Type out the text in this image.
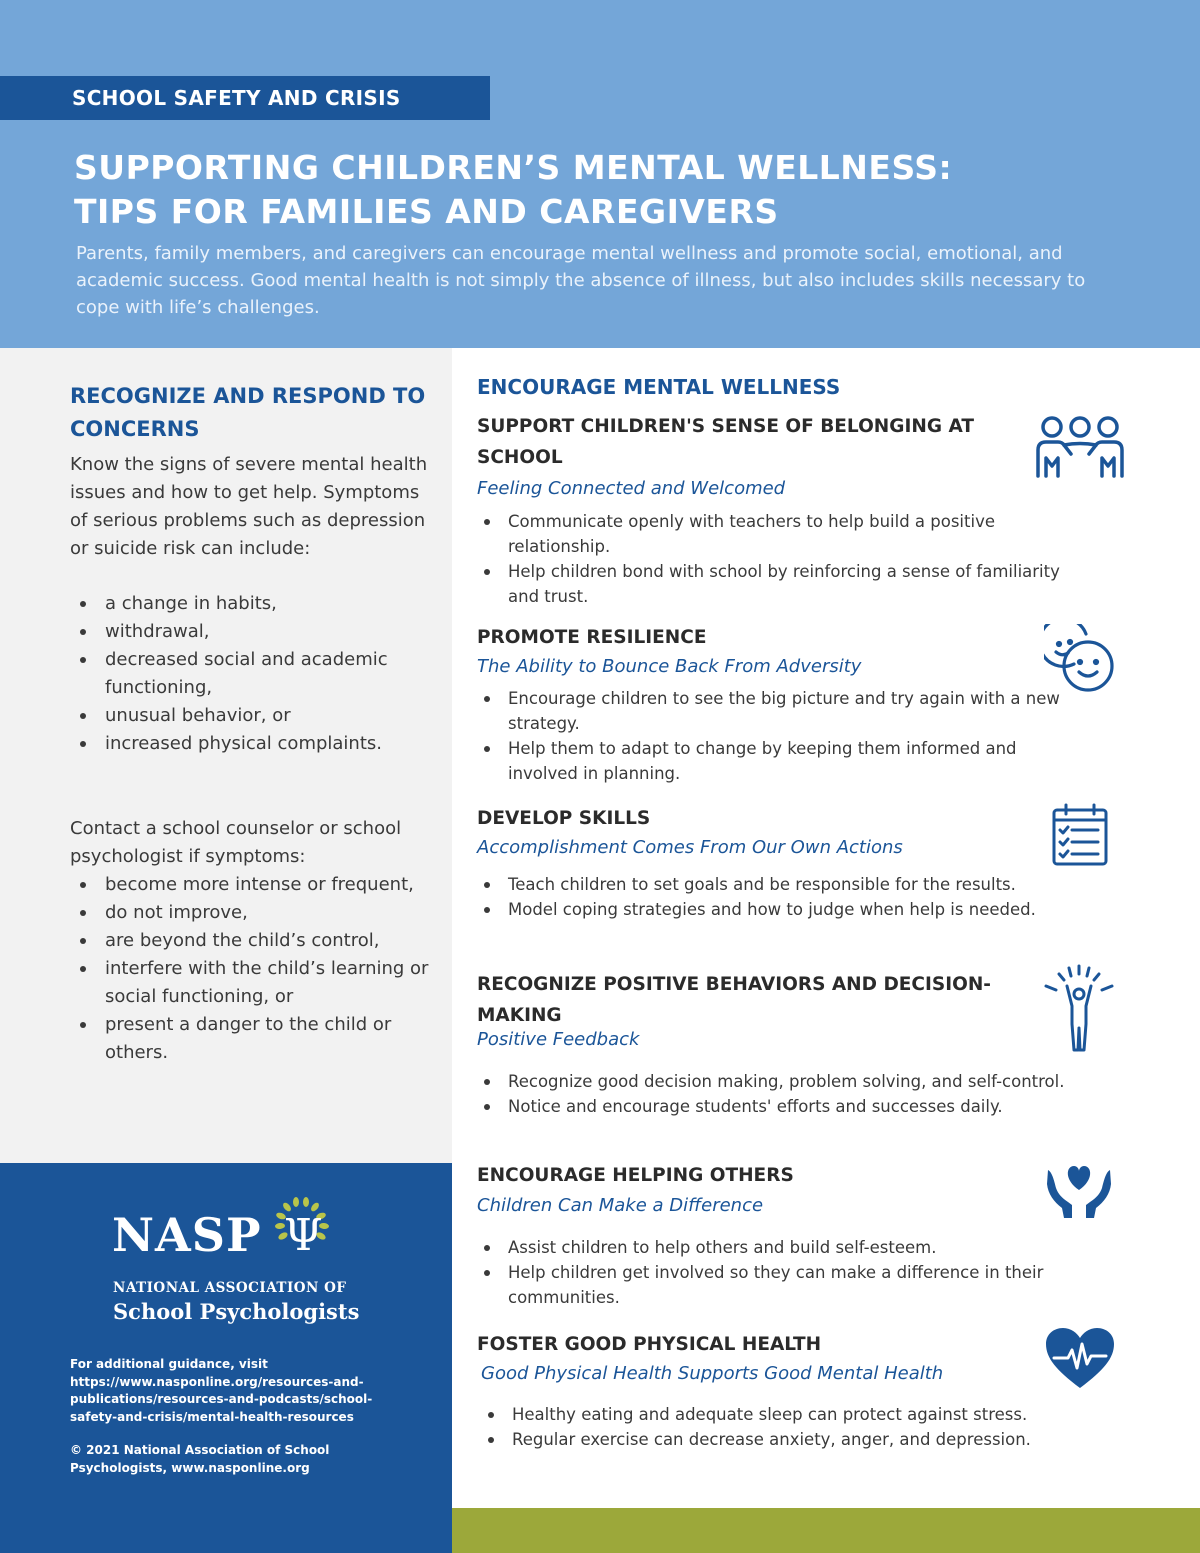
SCHOOL SAFETY AND CRISIS
SUPPORTING CHILDREN’S MENTAL WELLNESS:
TIPS FOR FAMILIES AND CAREGIVERS
Parents, family members, and caregivers can encourage mental wellness and promote social, emotional, and academic success. Good mental health is not simply the absence of illness, but also includes skills necessary to cope with life’s challenges.
RECOGNIZE AND RESPOND TO CONCERNS
Know the signs of severe mental health issues and how to get help. Symptoms of serious problems such as depression or suicide risk can include:
a change in habits,
withdrawal,
decreased social and academic functioning,
unusual behavior, or
increased physical complaints.
Contact a school counselor or school psychologist if symptoms:
become more intense or frequent,
do not improve,
are beyond the child’s control,
interfere with the child’s learning or social functioning, or
present a danger to the child or others.
NASP Ψ
NATIONAL ASSOCIATION OF
School Psychologists
For additional guidance, visit https://www.nasponline.org/resources-and-publications/resources-and-podcasts/school-safety-and-crisis/mental-health-resources
© 2021 National Association of School Psychologists, www.nasponline.org
ENCOURAGE MENTAL WELLNESS
SUPPORT CHILDREN'S SENSE OF BELONGING AT SCHOOL
Feeling Connected and Welcomed
Communicate openly with teachers to help build a positive relationship.
Help children bond with school by reinforcing a sense of familiarity and trust.
PROMOTE RESILIENCE
The Ability to Bounce Back From Adversity
Encourage children to see the big picture and try again with a new strategy.
Help them to adapt to change by keeping them informed and involved in planning.
DEVELOP SKILLS
Accomplishment Comes From Our Own Actions
Teach children to set goals and be responsible for the results.
Model coping strategies and how to judge when help is needed.
RECOGNIZE POSITIVE BEHAVIORS AND DECISION-MAKING
Positive Feedback
Recognize good decision making, problem solving, and self-control.
Notice and encourage students' efforts and successes daily.
ENCOURAGE HELPING OTHERS
Children Can Make a Difference
Assist children to help others and build self-esteem.
Help children get involved so they can make a difference in their communities.
FOSTER GOOD PHYSICAL HEALTH
Good Physical Health Supports Good Mental Health
Healthy eating and adequate sleep can protect against stress.
Regular exercise can decrease anxiety, anger, and depression.
